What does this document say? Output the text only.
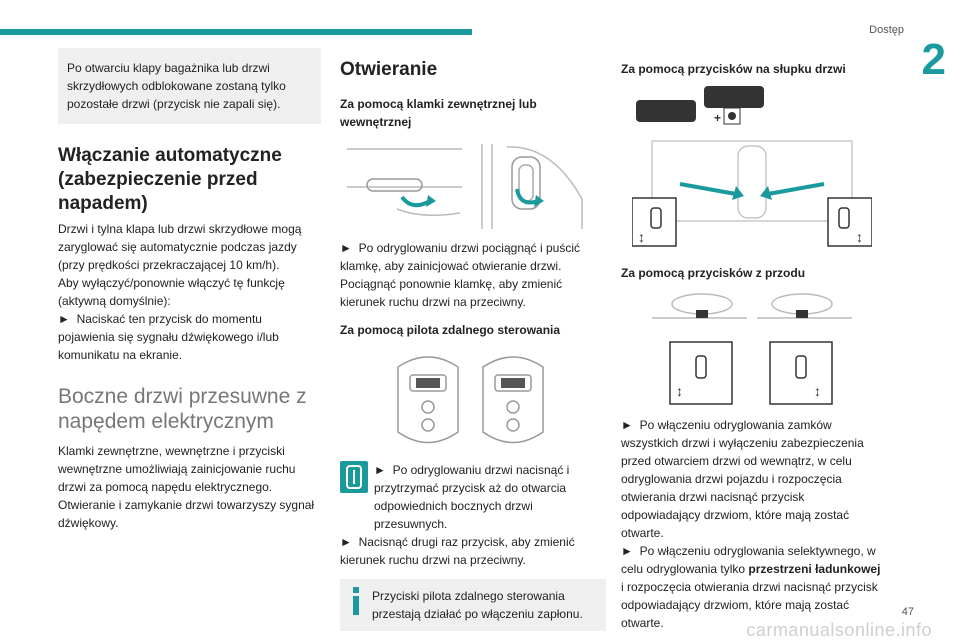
Dostęp
2
47
carmanualsonline.info
Po otwarciu klapy bagażnika lub drzwi skrzydłowych odblokowane zostaną tylko pozostałe drzwi (przycisk nie zapali się).
Włączanie automatyczne (zabezpieczenie przed napadem)

Drzwi i tylna klapa lub drzwi skrzydłowe mogą zaryglować się automatycznie podczas jazdy (przy prędkości przekraczającej 10 km/h).

Aby wyłączyć/ponownie włączyć tę funkcję (aktywną domyślnie):

► Naciskać ten przycisk do momentu pojawienia się sygnału dźwiękowego i/lub komunikatu na ekranie.

Boczne drzwi przesuwne z napędem elektrycznym

Klamki zewnętrzne, wewnętrzne i przyciski wewnętrzne umożliwiają zainicjowanie ruchu drzwi za pomocą napędu elektrycznego.

Otwieranie i zamykanie drzwi towarzyszy sygnał dźwiękowy.

Otwieranie
Za pomocą klamki zewnętrznej lub wewnętrznej

► Po odryglowaniu drzwi pociągnąć i puścić klamkę, aby zainicjować otwieranie drzwi. Pociągnąć ponownie klamkę, aby zmienić kierunek ruchu drzwi na przeciwny.

Za pomocą pilota zdalnego sterowania

► Po odryglowaniu drzwi nacisnąć i przytrzymać przycisk aż do otwarcia odpowiednich bocznych drzwi przesuwnych.

► Nacisnąć drugi raz przycisk, aby zmienić kierunek ruchu drzwi na przeciwny.

Przyciski pilota zdalnego sterowania przestają działać po włączeniu zapłonu.
Za pomocą przycisków na słupku drzwi
+
↕	↕
Za pomocą przycisków z przodu
↕	↕

► Po włączeniu odryglowania zamków wszystkich drzwi i wyłączeniu zabezpieczenia przed otwarciem drzwi od wewnątrz, w celu odryglowania drzwi pojazdu i rozpoczęcia otwierania drzwi nacisnąć przycisk odpowiadający drzwiom, które mają zostać otwarte.

► Po włączeniu odryglowania selektywnego, w celu odryglowania tylko przestrzeni ładunkowej i rozpoczęcia otwierania drzwi nacisnąć przycisk odpowiadający drzwiom, które mają zostać otwarte.
